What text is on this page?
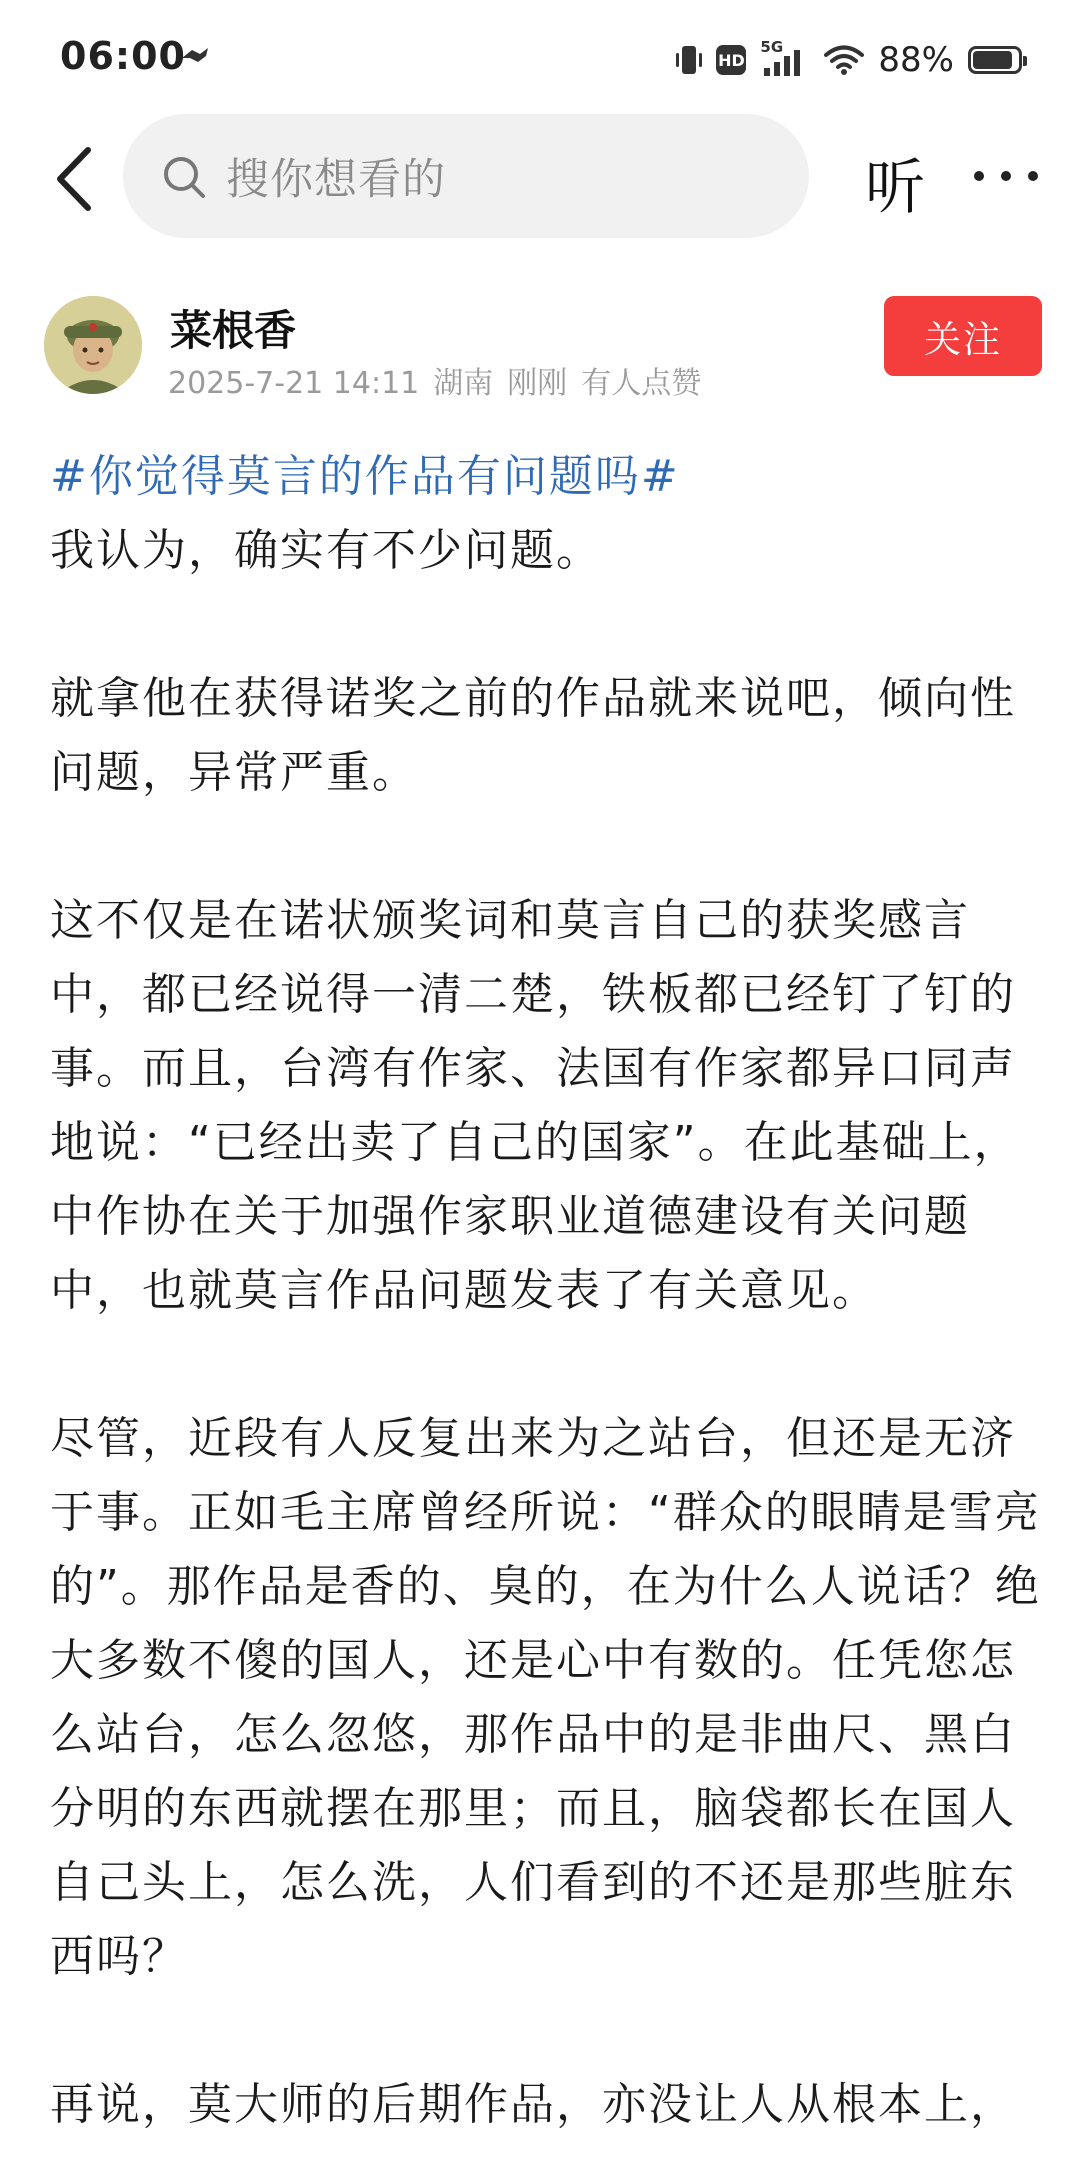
06:00	HD
5G	88%
搜你想看的	听
菜根香
2025-7-21 14:11 湖南 刚刚 有人点赞
关注
#你觉得莫言的作品有问题吗#

我认为，确实有不少问题。

就拿他在获得诺奖之前的作品就来说吧，倾向性问题，异常严重。

这不仅是在诺状颁奖词和莫言自己的获奖感言中，都已经说得一清二楚，铁板都已经钉了钉的事。而且，台湾有作家、法国有作家都异口同声地说：“已经出卖了自己的国家”。在此基础上，中作协在关于加强作家职业道德建设有关问题中，也就莫言作品问题发表了有关意见。

尽管，近段有人反复出来为之站台，但还是无济于事。正如毛主席曾经所说：“群众的眼睛是雪亮的”。那作品是香的、臭的，在为什么人说话？绝大多数不傻的国人，还是心中有数的。任凭您怎么站台，怎么忽悠，那作品中的是非曲尺、黑白分明的东西就摆在那里；而且，脑袋都长在国人自己头上，怎么洗，人们看到的不还是那些脏东西吗？

再说，莫大师的后期作品，亦没让人从根本上，
